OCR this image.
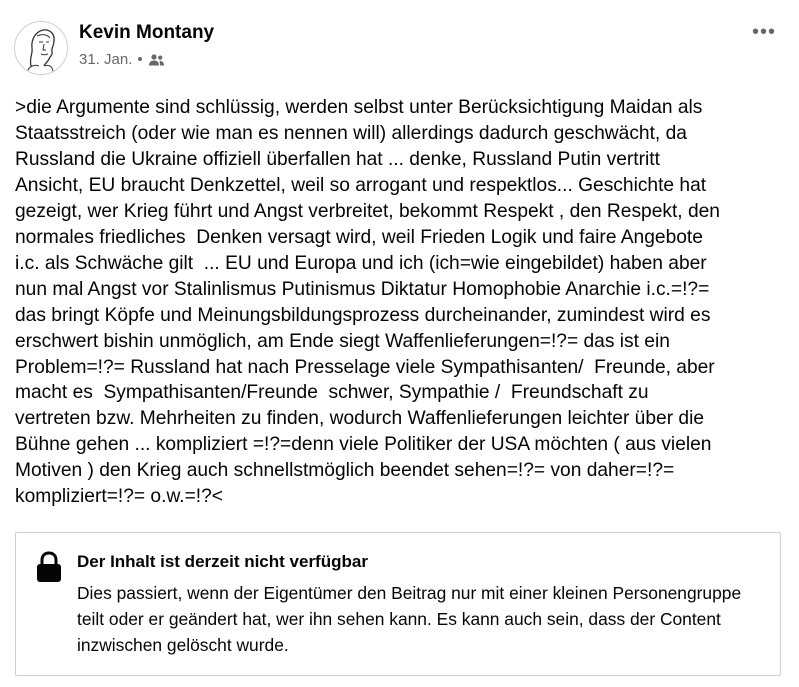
Kevin Montany
31. Jan. •
•••

>die Argumente sind schlüssig, werden selbst unter Berücksichtigung Maidan als
Staatsstreich (oder wie man es nennen will) allerdings dadurch geschwächt, da
Russland die Ukraine offiziell überfallen hat ... denke, Russland Putin vertritt
Ansicht, EU braucht Denkzettel, weil so arrogant und respektlos... Geschichte hat
gezeigt, wer Krieg führt und Angst verbreitet, bekommt Respekt , den Respekt, den
normales friedliches  Denken versagt wird, weil Frieden Logik und faire Angebote
i.c. als Schwäche gilt  ... EU und Europa und ich (ich=wie eingebildet) haben aber
nun mal Angst vor Stalinlismus Putinismus Diktatur Homophobie Anarchie i.c.=!?=
das bringt Köpfe und Meinungsbildungsprozess durcheinander, zumindest wird es
erschwert bishin unmöglich, am Ende siegt Waffenlieferungen=!?= das ist ein
Problem=!?= Russland hat nach Presselage viele Sympathisanten/  Freunde, aber
macht es  Sympathisanten/Freunde  schwer, Sympathie /  Freundschaft zu
vertreten bzw. Mehrheiten zu finden, wodurch Waffenlieferungen leichter über die
Bühne gehen ... kompliziert =!?=denn viele Politiker der USA möchten ( aus vielen
Motiven ) den Krieg auch schnellstmöglich beendet sehen=!?= von daher=!?=
kompliziert=!?= o.w.=!?<

Der Inhalt ist derzeit nicht verfügbar
Dies passiert, wenn der Eigentümer den Beitrag nur mit einer kleinen Personengruppe teilt oder er geändert hat, wer ihn sehen kann. Es kann auch sein, dass der Content inzwischen gelöscht wurde.
